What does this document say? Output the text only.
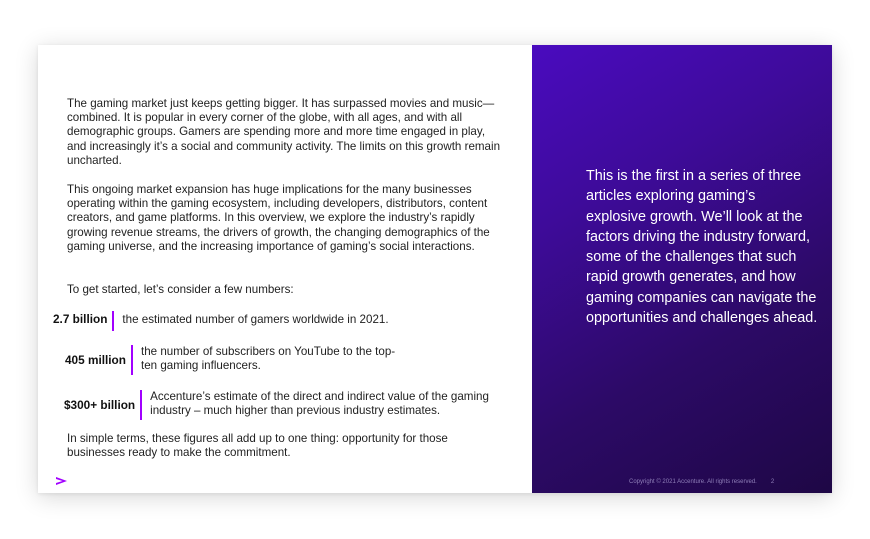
The gaming market just keeps getting bigger. It has surpassed movies and music—combined. It is popular in every corner of the globe, with all ages, and with all demographic groups. Gamers are spending more and more time engaged in play, and increasingly it’s a social and community activity. The limits on this growth remain uncharted.

This ongoing market expansion has huge implications for the many businesses operating within the gaming ecosystem, including developers, distributors, content creators, and game platforms. In this overview, we explore the industry’s rapidly growing revenue streams, the drivers of growth, the changing demographics of the gaming universe, and the increasing importance of gaming’s social interactions.

To get started, let’s consider a few numbers:

2.7 billion the estimated number of gamers worldwide in 2021.
405 million
the number of subscribers on YouTube to the top-ten gaming influencers.
$300+ billion
Accenture’s estimate of the direct and indirect value of the gaming industry – much higher than previous industry estimates.

In simple terms, these figures all add up to one thing: opportunity for those businesses ready to make the commitment.

This is the first in a series of three articles exploring gaming’s explosive growth. We’ll look at the factors driving the industry forward, some of the challenges that such rapid growth generates, and how gaming companies can navigate the opportunities and challenges ahead.

Copyright © 2021 Accenture. All rights reserved. 2
